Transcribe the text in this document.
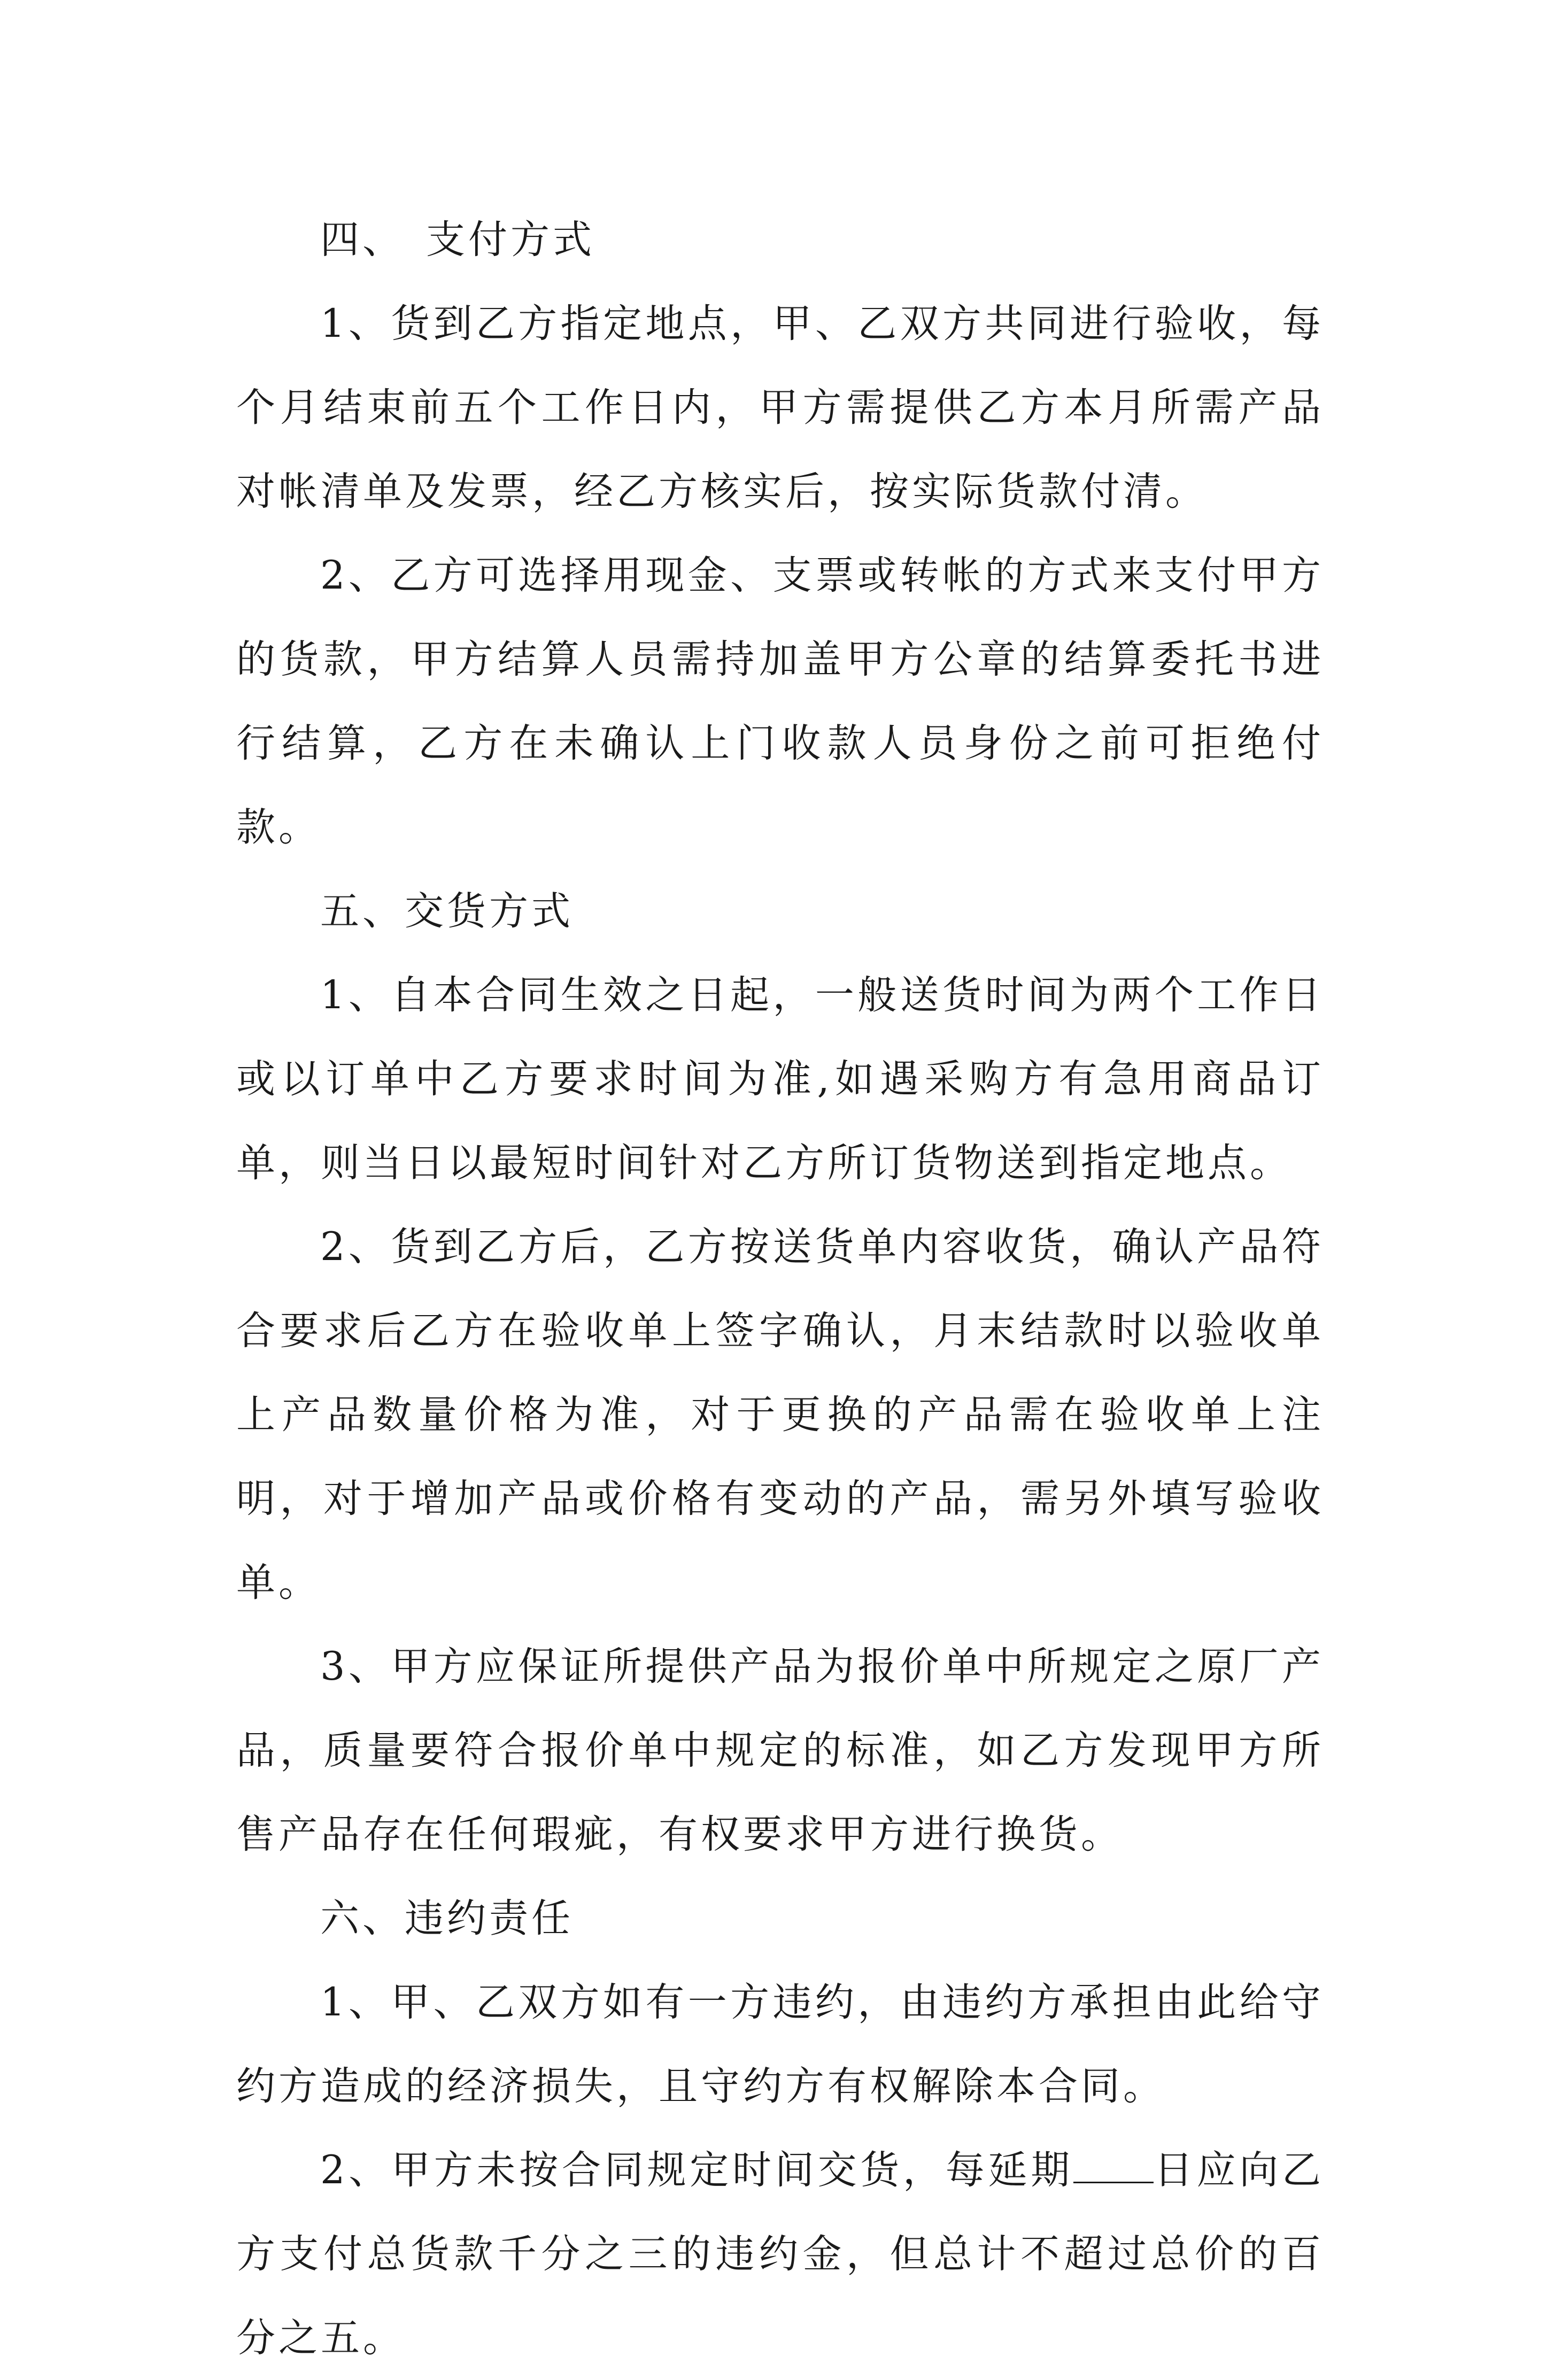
四、 支付方式

1、货到乙方指定地点，甲、乙双方共同进行验收，每个月结束前五个工作日内，甲方需提供乙方本月所需产品对帐清单及发票，经乙方核实后，按实际货款付清。

2、乙方可选择用现金、支票或转帐的方式来支付甲方的货款，甲方结算人员需持加盖甲方公章的结算委托书进行结算，乙方在未确认上门收款人员身份之前可拒绝付款。

五、交货方式

1、自本合同生效之日起，一般送货时间为两个工作日或以订单中乙方要求时间为准,如遇采购方有急用商品订单，则当日以最短时间针对乙方所订货物送到指定地点。

2、货到乙方后，乙方按送货单内容收货，确认产品符合要求后乙方在验收单上签字确认，月末结款时以验收单上产品数量价格为准，对于更换的产品需在验收单上注明，对于增加产品或价格有变动的产品，需另外填写验收单。

3、甲方应保证所提供产品为报价单中所规定之原厂产品，质量要符合报价单中规定的标准，如乙方发现甲方所售产品存在任何瑕疵，有权要求甲方进行换货。

六、违约责任

1、甲、乙双方如有一方违约，由违约方承担由此给守约方造成的经济损失，且守约方有权解除本合同。

2、甲方未按合同规定时间交货，每延期 日应向乙方支付总货款千分之三的违约金，但总计不超过总价的百分之五。
